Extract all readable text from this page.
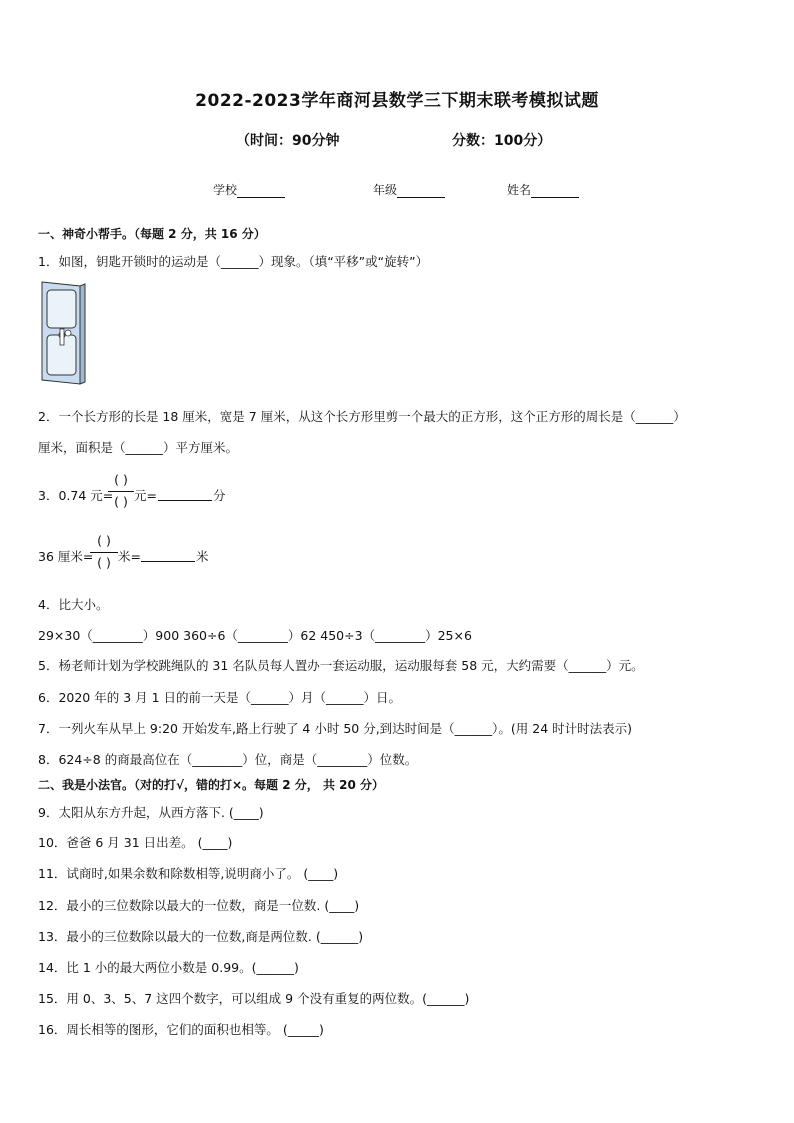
2022-2023学年商河县数学三下期末联考模拟试题
（时间：90分钟	分数：100分）
学校	年级	姓名
一、神奇小帮手。（每题 2 分，共 16 分）
1．如图，钥匙开锁时的运动是（______）现象。（填“平移”或“旋转”）
2．一个长方形的长是 18 厘米，宽是 7 厘米，从这个长方形里剪一个最大的正方形，这个正方形的周长是（______）
厘米，面积是（______）平方厘米。
3．0.74 元=
( )
( ) 元=	分
36 厘米=
( )
( ) 米=	米
4．比大小。
29×30（________）900 360÷6（________）62 450÷3（________）25×6
5．杨老师计划为学校跳绳队的 31 名队员每人置办一套运动服，运动服每套 58 元，大约需要（______）元。
6．2020 年的 3 月 1 日的前一天是（______）月（______）日。
7．一列火车从早上 9:20 开始发车,路上行驶了 4 小时 50 分,到达时间是（______）。(用 24 时计时法表示)
8．624÷8 的商最高位在（________）位，商是（________）位数。
二、我是小法官。（对的打√，错的打×。每题 2 分， 共 20 分）
9．太阳从东方升起，从西方落下. (____)
10．爸爸 6 月 31 日出差。 (____)
11．试商时,如果余数和除数相等,说明商小了。 (____)
12．最小的三位数除以最大的一位数，商是一位数. (____)
13．最小的三位数除以最大的一位数,商是两位数. (______)
14．比 1 小的最大两位小数是 0.99。(______)
15．用 0、3、5、7 这四个数字，可以组成 9 个没有重复的两位数。(______)
16．周长相等的图形，它们的面积也相等。 (_____)
